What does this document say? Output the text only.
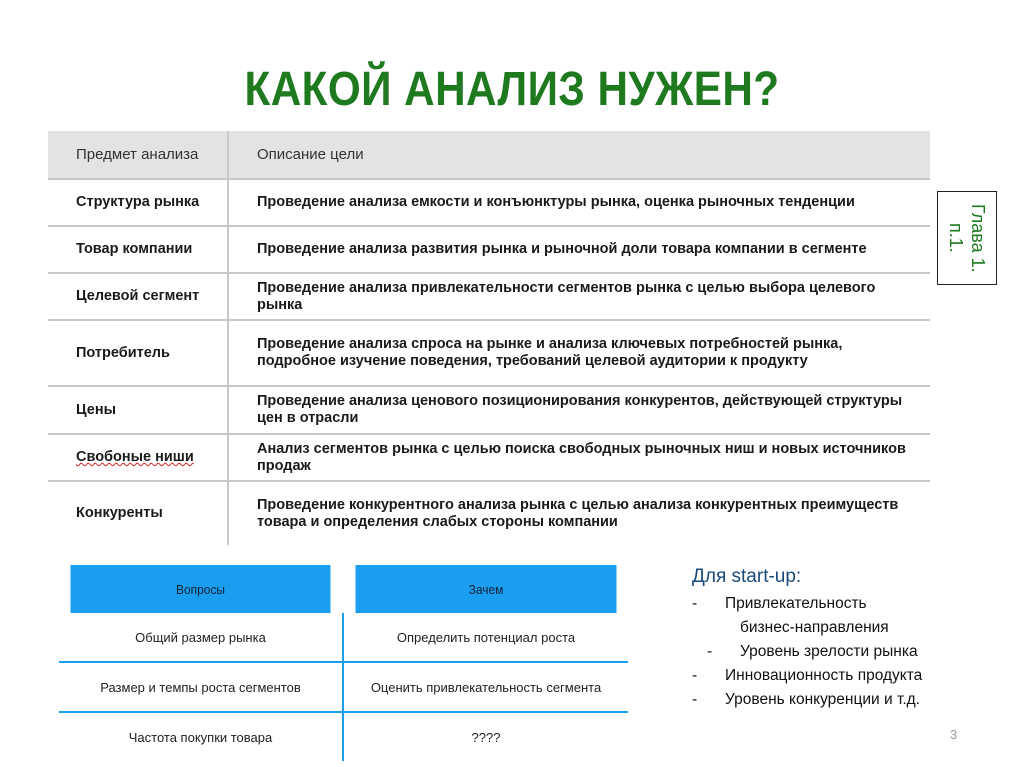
КАКОЙ АНАЛИЗ НУЖЕН?
Предмет анализа	Описание цели
Структура рынка	Проведение анализа емкости и конъюнктуры рынка, оценка рыночных тенденции
Товар компании	Проведение анализа развития рынка и рыночной доли товара компании в сегменте
Целевой сегмент	Проведение анализа привлекательности сегментов рынка с целью выбора целевого рынка
Потребитель	Проведение анализа спроса на рынке и анализа ключевых потребностей рынка, подробное изучение поведения, требований целевой аудитории к продукту
Цены	Проведение анализа ценового позиционирования конкурентов, действующей структуры цен в отрасли
Свобоные ниши	Анализ сегментов рынка с целью поиска свободных рыночных ниш и новых источников продаж
Конкуренты	Проведение конкурентного анализа рынка с целью анализа конкурентных преимуществ товара и определения слабых стороны компании
Глава 1. п.1.
Вопросы	Зачем
Общий размер рынка	Определить потенциал роста
Размер и темпы роста сегментов	Оценить привлекательность сегмента
Частота покупки товара	????
Для start-up:
-	Привлекательность
бизнес-направления
-	Уровень зрелости рынка
-	Инновационность продукта
-	Уровень конкуренции и т.д.
3
